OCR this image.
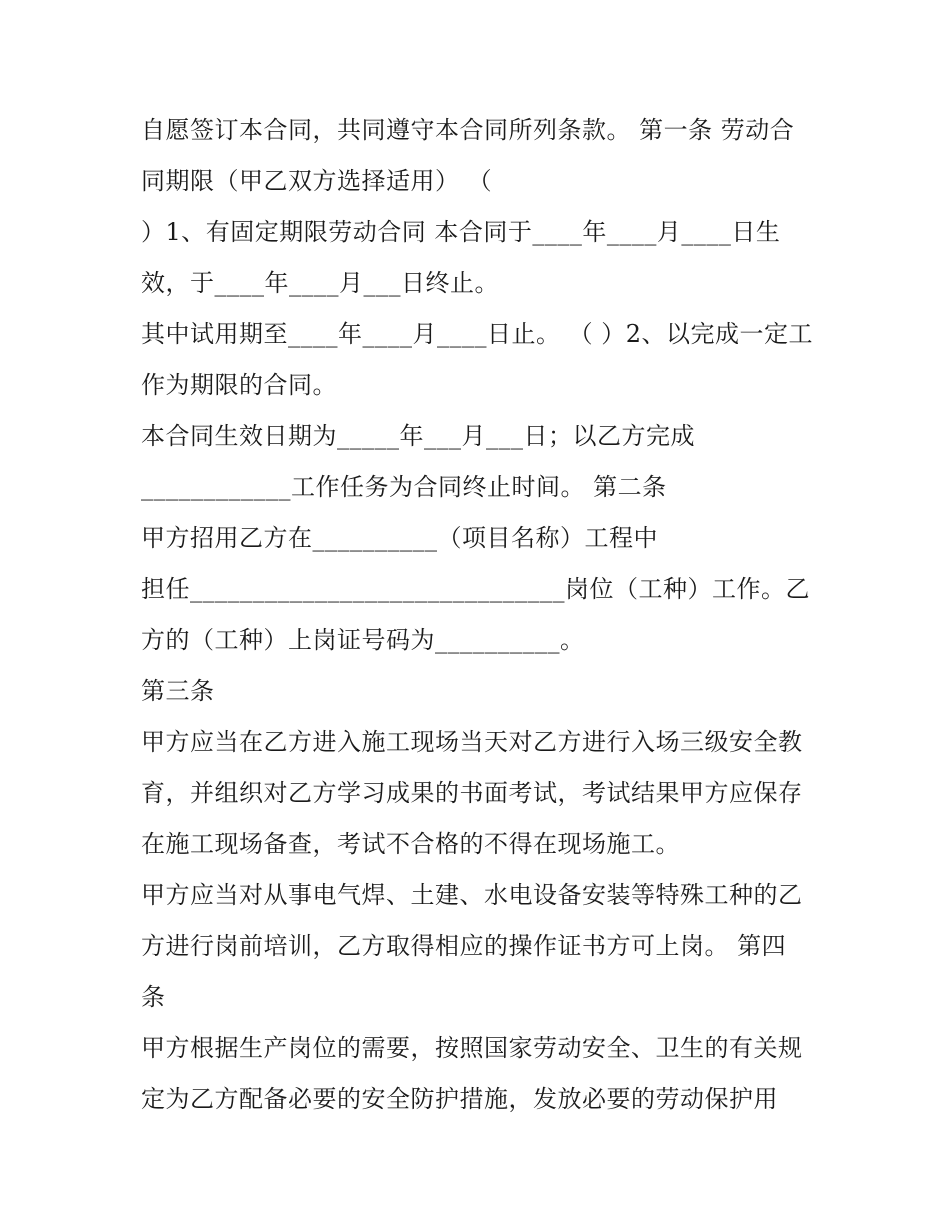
自愿签订本合同，共同遵守本合同所列条款。 第一条 劳动合
同期限（甲乙双方选择适用） （
）1、有固定期限劳动合同 本合同于____年____月____日生
效，于____年____月___日终止。
其中试用期至____年____月____日止。 （ ）2、以完成一定工
作为期限的合同。
本合同生效日期为_____年___月___日；以乙方完成
____________工作任务为合同终止时间。 第二条
甲方招用乙方在__________（项目名称）工程中
担任______________________________岗位（工种）工作。乙
方的（工种）上岗证号码为__________。
第三条
甲方应当在乙方进入施工现场当天对乙方进行入场三级安全教
育，并组织对乙方学习成果的书面考试，考试结果甲方应保存
在施工现场备查，考试不合格的不得在现场施工。
甲方应当对从事电气焊、土建、水电设备安装等特殊工种的乙
方进行岗前培训，乙方取得相应的操作证书方可上岗。 第四
条
甲方根据生产岗位的需要，按照国家劳动安全、卫生的有关规
定为乙方配备必要的安全防护措施，发放必要的劳动保护用
